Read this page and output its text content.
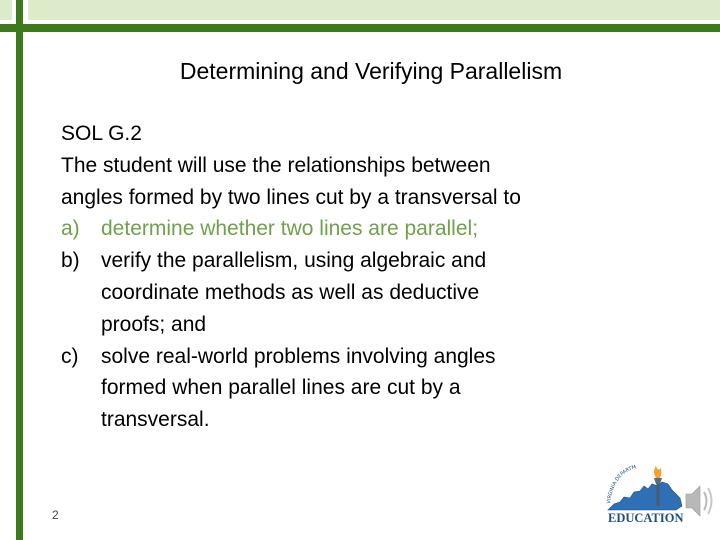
Determining and Verifying Parallelism
SOL G.2
The student will use the relationships between
angles formed by two lines cut by a transversal to
a)	determine whether two lines are parallel;
b)	verify the parallelism, using algebraic and
coordinate methods as well as deductive
proofs; and
c)	solve real-world problems involving angles
formed when parallel lines are cut by a
transversal.
2
VIRGINIA DEPARTM
EDUCATION
